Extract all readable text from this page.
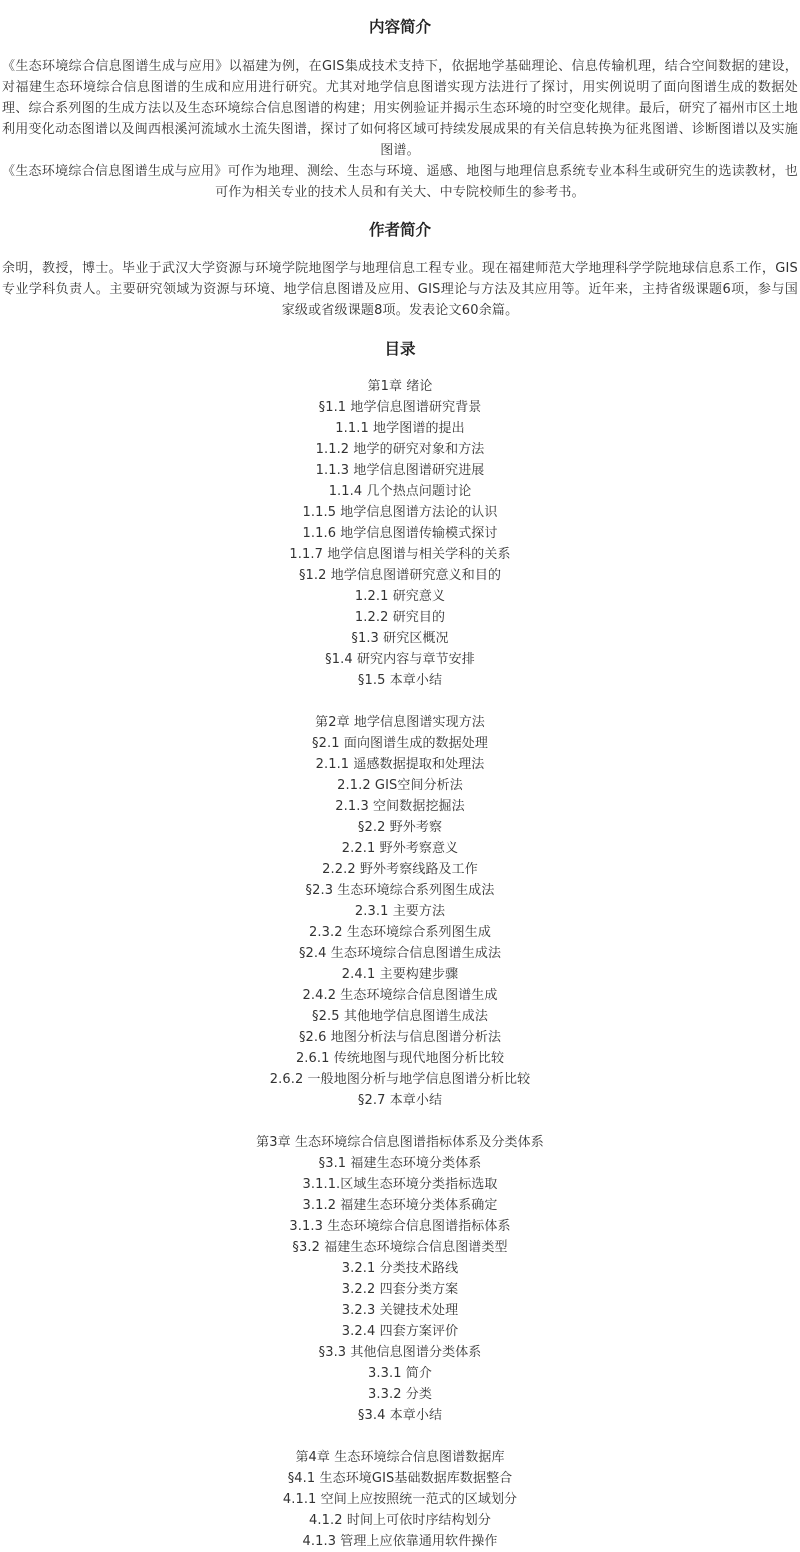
内容简介

《生态环境综合信息图谱生成与应用》以福建为例，在GIS集成技术支持下，依据地学基础理论、信息传输机理，结合空间数据的建设，对福建生态环境综合信息图谱的生成和应用进行研究。尤其对地学信息图谱实现方法进行了探讨，用实例说明了面向图谱生成的数据处理、综合系列图的生成方法以及生态环境综合信息图谱的构建；用实例验证并揭示生态环境的时空变化规律。最后，研究了福州市区土地利用变化动态图谱以及闽西根溪河流域水土流失图谱，探讨了如何将区域可持续发展成果的有关信息转换为征兆图谱、诊断图谱以及实施图谱。

《生态环境综合信息图谱生成与应用》可作为地理、测绘、生态与环境、遥感、地图与地理信息系统专业本科生或研究生的选读教材，也可作为相关专业的技术人员和有关大、中专院校师生的参考书。

作者简介

余明，教授，博士。毕业于武汉大学资源与环境学院地图学与地理信息工程专业。现在福建师范大学地理科学学院地球信息系工作，GIS专业学科负责人。主要研究领域为资源与环境、地学信息图谱及应用、GIS理论与方法及其应用等。近年来，主持省级课题6项，参与国家级或省级课题8项。发表论文60余篇。

目录
第1章 绪论
§1.1 地学信息图谱研究背景
1.1.1 地学图谱的提出
1.1.2 地学的研究对象和方法
1.1.3 地学信息图谱研究进展
1.1.4 几个热点问题讨论
1.1.5 地学信息图谱方法论的认识
1.1.6 地学信息图谱传输模式探讨
1.1.7 地学信息图谱与相关学科的关系
§1.2 地学信息图谱研究意义和目的
1.2.1 研究意义
1.2.2 研究目的
§1.3 研究区概况
§1.4 研究内容与章节安排
§1.5 本章小结
第2章 地学信息图谱实现方法
§2.1 面向图谱生成的数据处理
2.1.1 遥感数据提取和处理法
2.1.2 GIS空间分析法
2.1.3 空间数据挖掘法
§2.2 野外考察
2.2.1 野外考察意义
2.2.2 野外考察线路及工作
§2.3 生态环境综合系列图生成法
2.3.1 主要方法
2.3.2 生态环境综合系列图生成
§2.4 生态环境综合信息图谱生成法
2.4.1 主要构建步骤
2.4.2 生态环境综合信息图谱生成
§2.5 其他地学信息图谱生成法
§2.6 地图分析法与信息图谱分析法
2.6.1 传统地图与现代地图分析比较
2.6.2 一般地图分析与地学信息图谱分析比较
§2.7 本章小结
第3章 生态环境综合信息图谱指标体系及分类体系
§3.1 福建生态环境分类体系
3.1.1.区域生态环境分类指标选取
3.1.2 福建生态环境分类体系确定
3.1.3 生态环境综合信息图谱指标体系
§3.2 福建生态环境综合信息图谱类型
3.2.1 分类技术路线
3.2.2 四套分类方案
3.2.3 关键技术处理
3.2.4 四套方案评价
§3.3 其他信息图谱分类体系
3.3.1 简介
3.3.2 分类
§3.4 本章小结
第4章 生态环境综合信息图谱数据库
§4.1 生态环境GIS基础数据库数据整合
4.1.1 空间上应按照统一范式的区域划分
4.1.2 时间上可依时序结构划分
4.1.3 管理上应依靠通用软件操作
